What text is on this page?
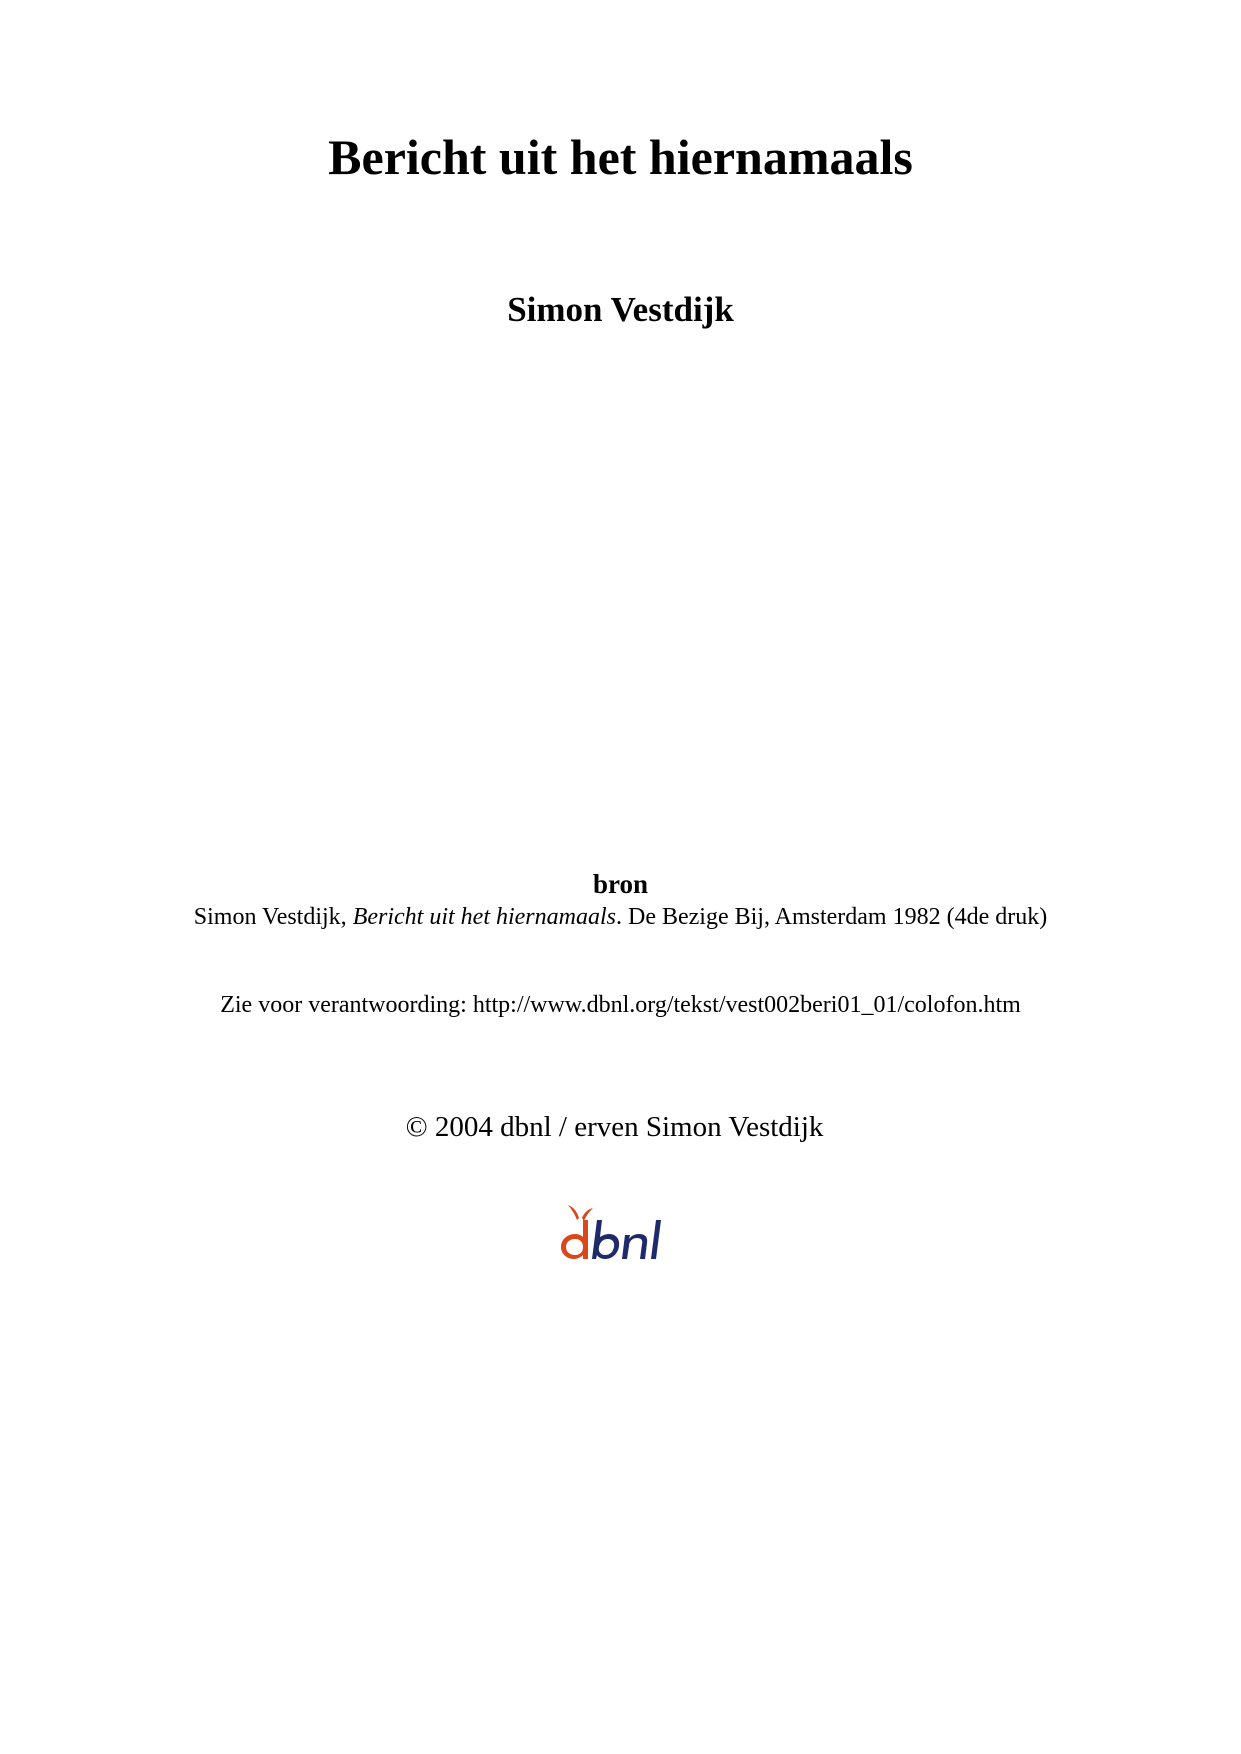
Bericht uit het hiernamaals
Simon Vestdijk
bron
Simon Vestdijk, Bericht uit het hiernamaals. De Bezige Bij, Amsterdam 1982 (4de druk)
Zie voor verantwoording: http://www.dbnl.org/tekst/vest002beri01_01/colofon.htm
© 2004 dbnl / erven Simon Vestdijk
